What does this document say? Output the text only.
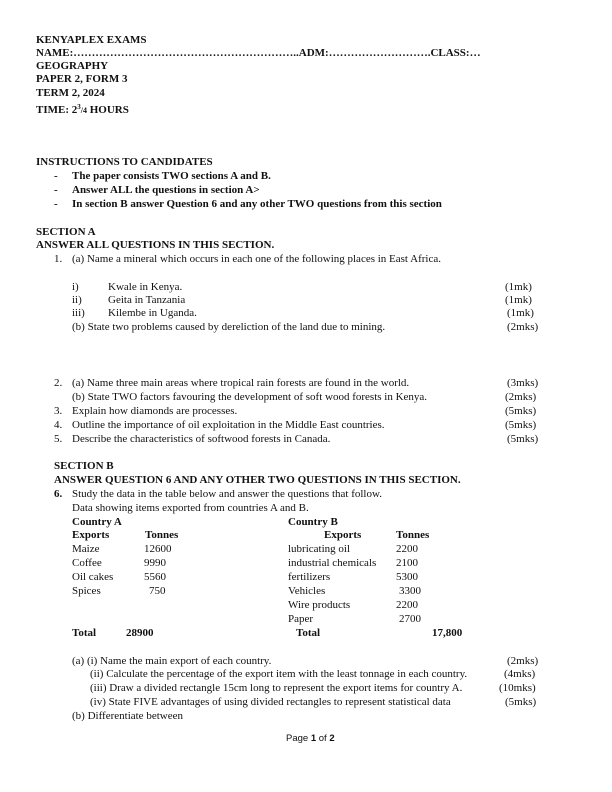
KENYAPLEX EXAMS
NAME:……………………………………………………..ADM:……………………….CLASS:…
GEOGRAPHY
PAPER 2, FORM 3
TERM 2, 2024
TIME: $2^3/4$ HOURS
INSTRUCTIONS TO CANDIDATES
- The paper consists TWO sections A and B.
- Answer ALL the questions in section A>
- In section B answer Question 6 and any other TWO questions from this section
SECTION A
ANSWER ALL QUESTIONS IN THIS SECTION.
1. (a) Name a mineral which occurs in each one of the following places in East Africa.
i)	Kwale in Kenya.	(1mk)
ii) Geita in Tanzania	(1mk)
iii) Kilembe in Uganda.	(1mk)
(b) State two problems caused by dereliction of the land due to mining.	(2mks)
2. (a) Name three main areas where tropical rain forests are found in the world.	(3mks)
(b) State TWO factors favouring the development of soft wood forests in Kenya.	(2mks)
3. Explain how diamonds are processes.	(5mks)
4. Outline the importance of oil exploitation in the Middle East countries.	(5mks)
5. Describe the characteristics of softwood forests in Canada.	(5mks)
SECTION B
ANSWER QUESTION 6 AND ANY OTHER TWO QUESTIONS IN THIS SECTION.
6. Study the data in the table below and answer the questions that follow.
Data showing items exported from countries A and B.
Country A
Exports	Tonnes
Maize	12600
Coffee	9990
Oil cakes	5560
Spices	750
Total	28900
Country B
Exports	Tonnes
lubricating oil	2200
industrial chemicals 2100
fertilizers	5300
Vehicles	3300
Wire products	2200
Paper	2700
Total	17,800
(a) (i) Name the main export of each country.	(2mks)
(ii) Calculate the percentage of the export item with the least tonnage in each country.	(4mks)
(iii) Draw a divided rectangle 15cm long to represent the export items for country A.	(10mks)
(iv) State FIVE advantages of using divided rectangles to represent statistical data	(5mks)
(b) Differentiate between
Page 1 of 2
